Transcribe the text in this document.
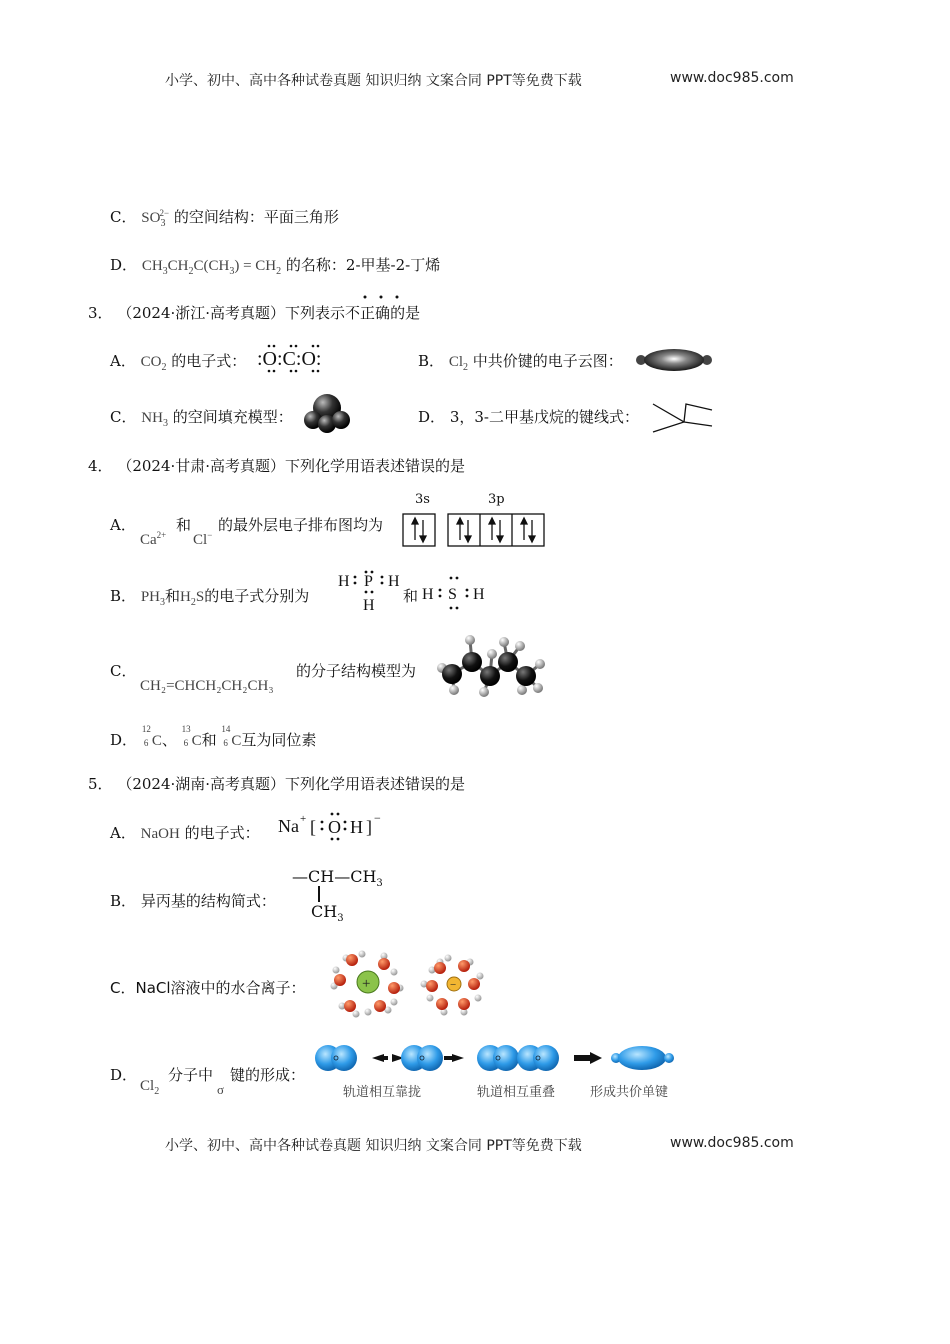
小学、初中、高中各种试卷真题 知识归纳 文案合同 PPT等免费下载	www.doc985.com
C． $SO_3^{2-}$ 的空间结构：平面三角形
D． $CH_3CH_2C(CH_3) = CH_2$ 的名称：2-甲基-2-丁烯
3． （2024·浙江·高考真题）下列表示不正确的是
A． $CO_2$ 的电子式： :O:C:O:	B． $Cl_2$ 中共价键的电子云图：
C． $NH_3$ 的空间填充模型：	D． 3，3-二甲基戊烷的键线式：
4． （2024·甘肃·高考真题）下列化学用语表述错误的是
A．
$Ca^{2+}$
和
Cl−
的最外层电子排布图均为
3s	3p
B． $PH_3$和$H_2S$的电子式分别为
H P H
H
和 H S H
C．
CH₂=CHCH₂CH₂CH₃
的分子结构模型为
D．
12
6 C、
13
6 C和
14
6 C互为同位素
5． （2024·湖南·高考真题）下列化学用语表述错误的是
A． NaOH 的电子式： Na + [ O H ] −
B． 异丙基的结构简式：
$—CH—CH_3$
$CH_3$
C．NaCl溶液中的水合离子：	+	−
D．
$Cl_2$
分子中
σ
键的形成：
轨道相互靠拢	轨道相互重叠	形成共价单键
小学、初中、高中各种试卷真题 知识归纳 文案合同 PPT等免费下载	www.doc985.com
